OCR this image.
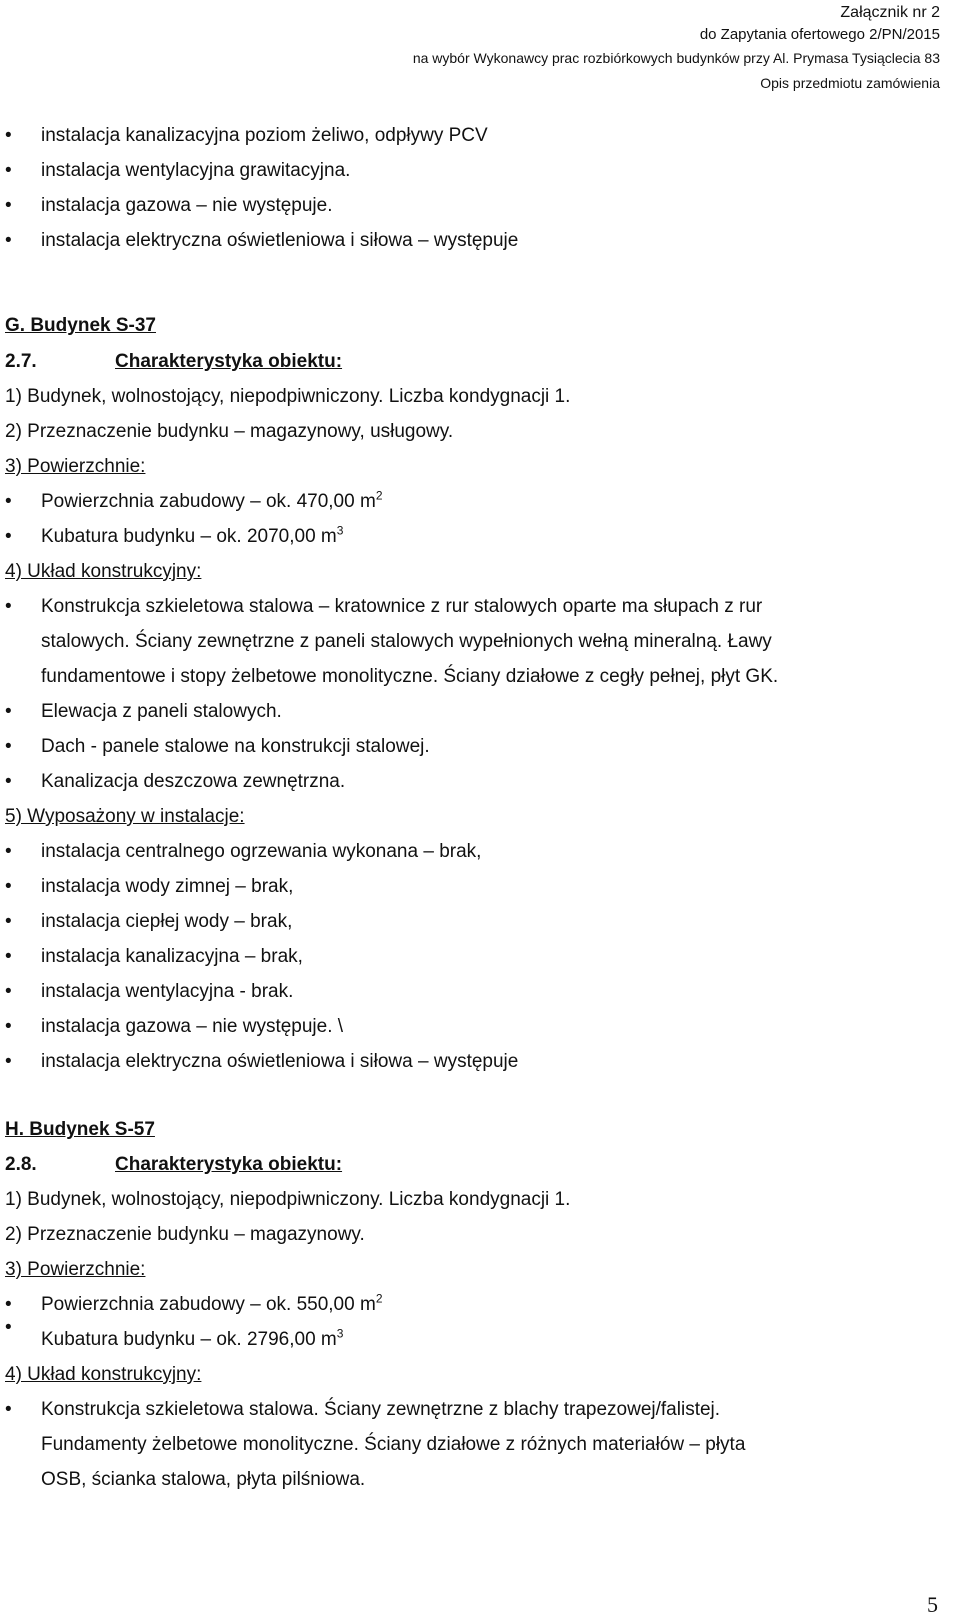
Załącznik nr 2
do Zapytania ofertowego 2/PN/2015
na wybór Wykonawcy prac rozbiórkowych budynków przy Al. Prymasa Tysiąclecia 83
Opis przedmiotu zamówienia
• instalacja kanalizacyjna poziom żeliwo, odpływy PCV
• instalacja wentylacyjna grawitacyjna.
• instalacja gazowa – nie występuje.
• instalacja elektryczna oświetleniowa i siłowa – występuje
G. Budynek S-37
2.7.	Charakterystyka obiektu:
1) Budynek, wolnostojący, niepodpiwniczony. Liczba kondygnacji 1.
2) Przeznaczenie budynku – magazynowy, usługowy.
3) Powierzchnie:
• Powierzchnia zabudowy – ok. 470,00 $m^2$
• Kubatura budynku – ok. 2070,00 $m^3$
4) Układ konstrukcyjny:
• Konstrukcja szkieletowa stalowa – kratownice z rur stalowych oparte ma słupach z rur
stalowych. Ściany zewnętrzne z paneli stalowych wypełnionych wełną mineralną. Ławy
fundamentowe i stopy żelbetowe monolityczne. Ściany działowe z cegły pełnej, płyt GK.
• Elewacja z paneli stalowych.
• Dach - panele stalowe na konstrukcji stalowej.
• Kanalizacja deszczowa zewnętrzna.
5) Wyposażony w instalacje:
• instalacja centralnego ogrzewania wykonana – brak,
• instalacja wody zimnej – brak,
• instalacja ciepłej wody – brak,
• instalacja kanalizacyjna – brak,
• instalacja wentylacyjna - brak.
• instalacja gazowa – nie występuje. \
• instalacja elektryczna oświetleniowa i siłowa – występuje
H. Budynek S-57
2.8.	Charakterystyka obiektu:
1) Budynek, wolnostojący, niepodpiwniczony. Liczba kondygnacji 1.
2) Przeznaczenie budynku – magazynowy.
3) Powierzchnie:
• Powierzchnia zabudowy – ok. 550,00 $m^2$
•
Kubatura budynku – ok. 2796,00 $m^3$
4) Układ konstrukcyjny:
• Konstrukcja szkieletowa stalowa. Ściany zewnętrzne z blachy trapezowej/falistej.
Fundamenty żelbetowe monolityczne. Ściany działowe z różnych materiałów – płyta
OSB, ścianka stalowa, płyta pilśniowa.
5
